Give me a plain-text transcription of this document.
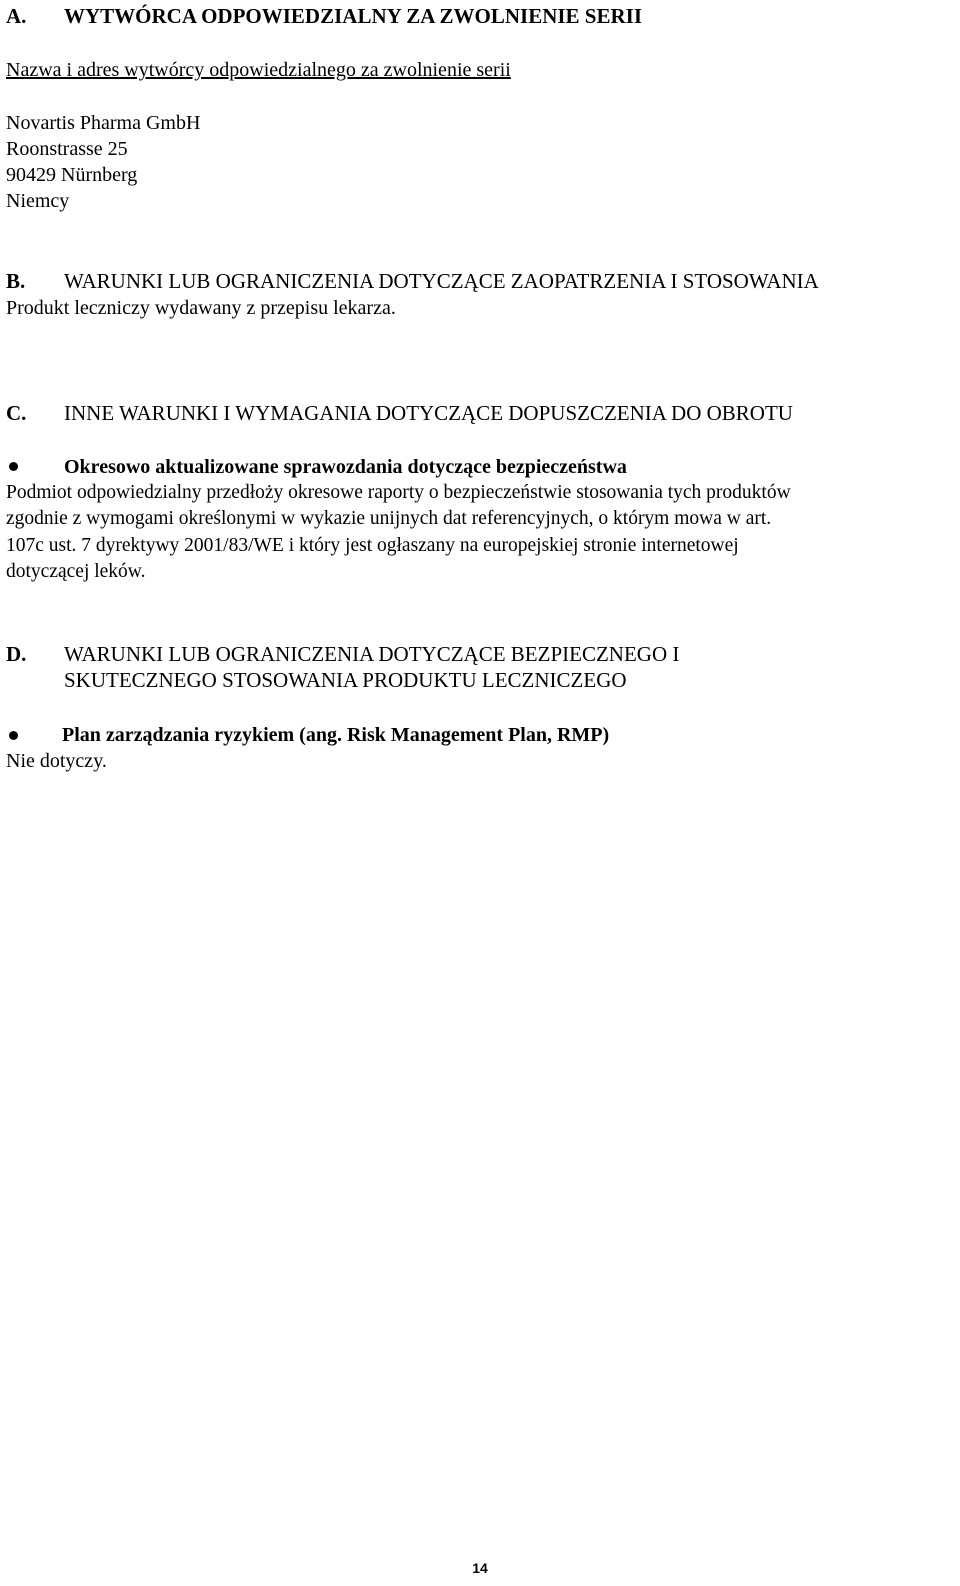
A. WYTWÓRCA ODPOWIEDZIALNY ZA ZWOLNIENIE SERII
Nazwa i adres wytwórcy odpowiedzialnego za zwolnienie serii
Novartis Pharma GmbH
Roonstrasse 25
90429 Nürnberg
Niemcy
B. WARUNKI LUB OGRANICZENIA DOTYCZĄCE ZAOPATRZENIA I STOSOWANIA
Produkt leczniczy wydawany z przepisu lekarza.
C. INNE WARUNKI I WYMAGANIA DOTYCZĄCE DOPUSZCZENIA DO OBROTU
Okresowo aktualizowane sprawozdania dotyczące bezpieczeństwa
Podmiot odpowiedzialny przedłoży okresowe raporty o bezpieczeństwie stosowania tych produktów
zgodnie z wymogami określonymi w wykazie unijnych dat referencyjnych, o którym mowa w art.
107c ust. 7 dyrektywy 2001/83/WE i który jest ogłaszany na europejskiej stronie internetowej
dotyczącej leków.
D. WARUNKI LUB OGRANICZENIA DOTYCZĄCE BEZPIECZNEGO I
SKUTECZNEGO STOSOWANIA PRODUKTU LECZNICZEGO
Plan zarządzania ryzykiem (ang. Risk Management Plan, RMP)
Nie dotyczy.
14
